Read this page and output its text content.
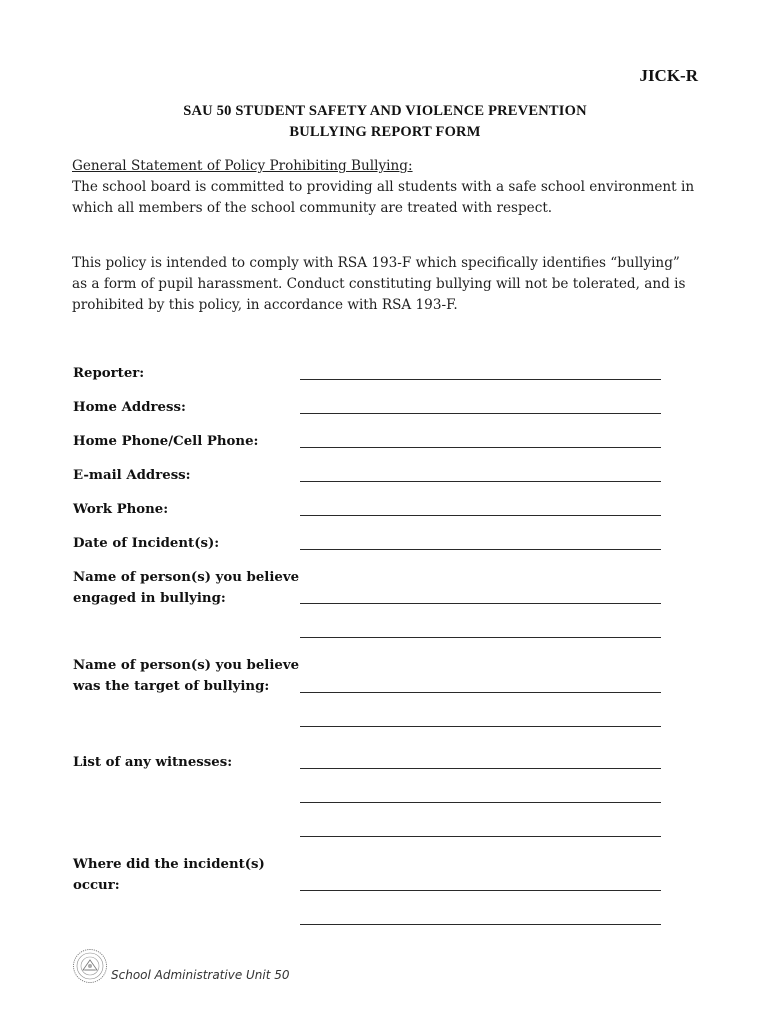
JICK-R
SAU 50 STUDENT SAFETY AND VIOLENCE PREVENTION
BULLYING REPORT FORM

General Statement of Policy Prohibiting Bullying:

The school board is committed to providing all students with a safe school environment in which all members of the school community are treated with respect.

This policy is intended to comply with RSA 193-F which specifically identifies “bullying” as a form of pupil harassment. Conduct constituting bullying will not be tolerated, and is prohibited by this policy, in accordance with RSA 193-F.

Reporter:
Home Address:
Home Phone/Cell Phone:
E-mail Address:
Work Phone:
Date of Incident(s):
Name of person(s) you believe
engaged in bullying:
Name of person(s) you believe
was the target of bullying:
List of any witnesses:
Where did the incident(s)
occur:
School Administrative Unit 50
